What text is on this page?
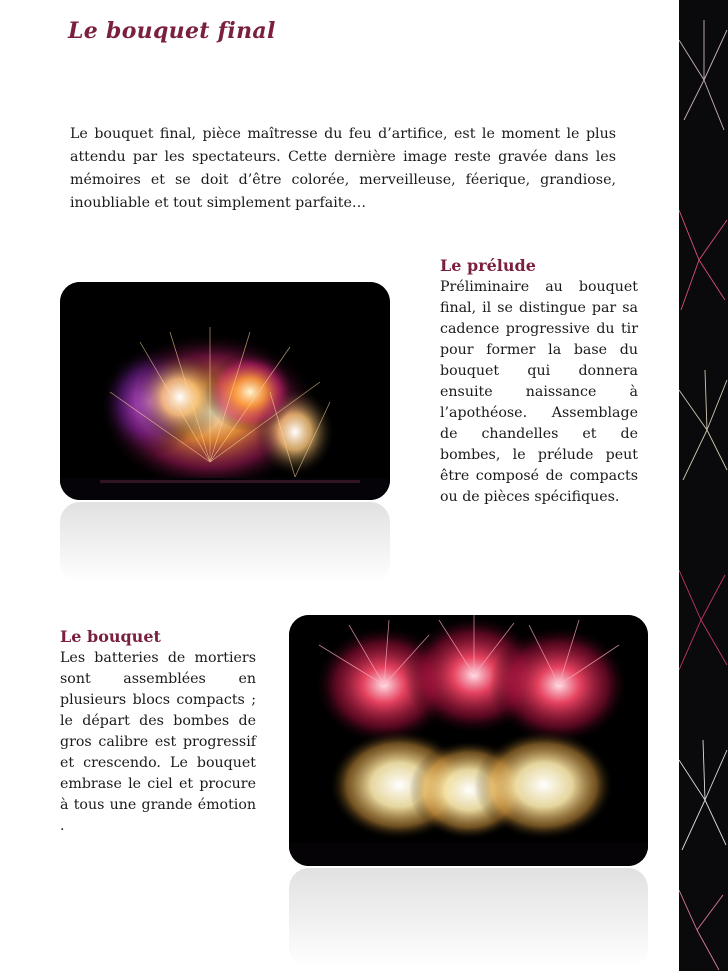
Le bouquet final
Le bouquet final, pièce maîtresse du feu d’artifice, est le moment le plus attendu par les spectateurs. Cette dernière image reste gravée dans les mémoires et se doit d’être colorée, merveilleuse, féerique, grandiose, inoubliable et tout simplement parfaite…
Le prélude
Préliminaire au bouquet final, il se distingue par sa cadence progressive du tir pour former la base du bouquet qui donnera ensuite naissance à l’apothéose. Assemblage de chandelles et de bombes, le prélude peut être composé de compacts ou de pièces spécifiques.
Le bouquet
Les batteries de mortiers sont assemblées en plusieurs blocs compacts ; le départ des bombes de gros calibre est progressif et crescendo. Le bouquet embrase le ciel et procure à tous une grande émotion .
